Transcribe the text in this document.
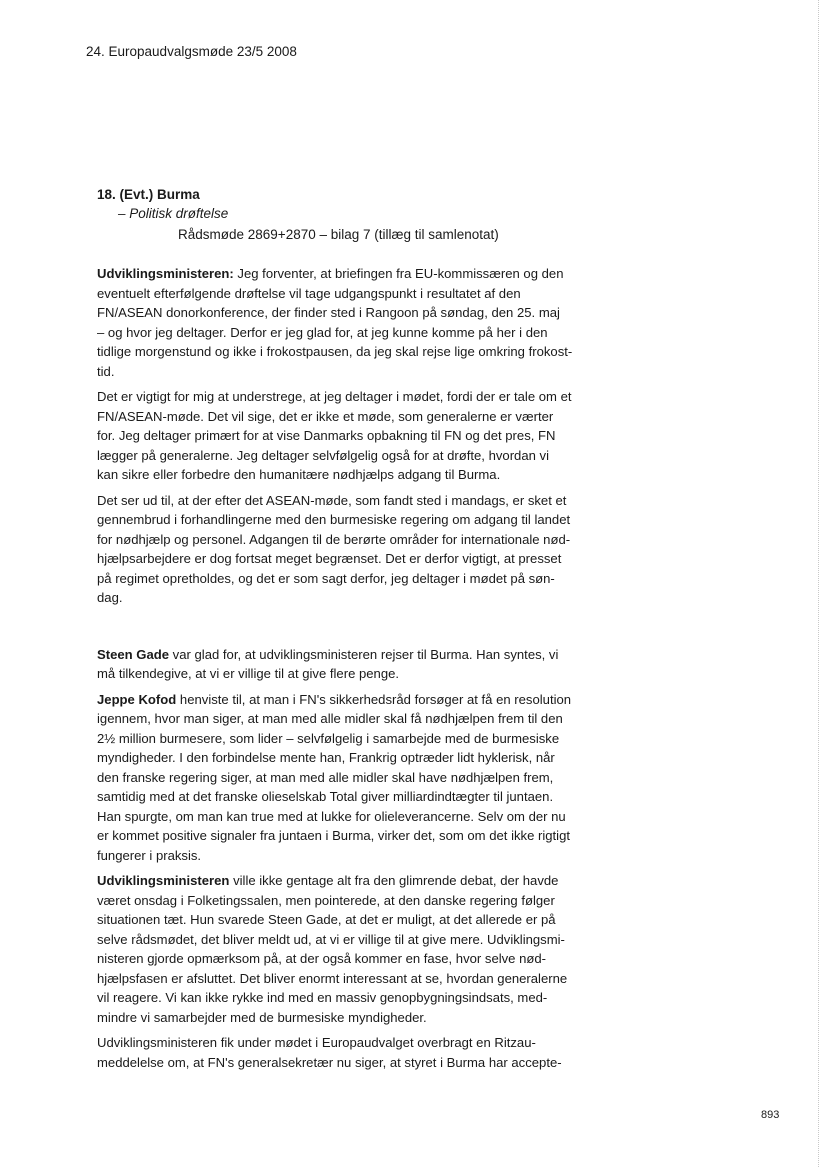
24. Europaudvalgsmøde 23/5 2008
18. (Evt.) Burma
– Politisk drøftelse
Rådsmøde 2869+2870 – bilag 7 (tillæg til samlenotat)

Udviklingsministeren: Jeg forventer, at briefingen fra EU-kommissæren og den
eventuelt efterfølgende drøftelse vil tage udgangspunkt i resultatet af den
FN/ASEAN donorkonference, der finder sted i Rangoon på søndag, den 25. maj
– og hvor jeg deltager. Derfor er jeg glad for, at jeg kunne komme på her i den
tidlige morgenstund og ikke i frokostpausen, da jeg skal rejse lige omkring frokost-
tid.

Det er vigtigt for mig at understrege, at jeg deltager i mødet, fordi der er tale om et
FN/ASEAN-møde. Det vil sige, det er ikke et møde, som generalerne er værter
for. Jeg deltager primært for at vise Danmarks opbakning til FN og det pres, FN
lægger på generalerne. Jeg deltager selvfølgelig også for at drøfte, hvordan vi
kan sikre eller forbedre den humanitære nødhjælps adgang til Burma.

Det ser ud til, at der efter det ASEAN-møde, som fandt sted i mandags, er sket et
gennembrud i forhandlingerne med den burmesiske regering om adgang til landet
for nødhjælp og personel. Adgangen til de berørte områder for internationale nød-
hjælpsarbejdere er dog fortsat meget begrænset. Det er derfor vigtigt, at presset
på regimet opretholdes, og det er som sagt derfor, jeg deltager i mødet på søn-
dag.

Steen Gade var glad for, at udviklingsministeren rejser til Burma. Han syntes, vi
må tilkendegive, at vi er villige til at give flere penge.

Jeppe Kofod henviste til, at man i FN's sikkerhedsråd forsøger at få en resolution
igennem, hvor man siger, at man med alle midler skal få nødhjælpen frem til den
2½ million burmesere, som lider – selvfølgelig i samarbejde med de burmesiske
myndigheder. I den forbindelse mente han, Frankrig optræder lidt hyklerisk, når
den franske regering siger, at man med alle midler skal have nødhjælpen frem,
samtidig med at det franske olieselskab Total giver milliardindtægter til juntaen.
Han spurgte, om man kan true med at lukke for olieleverancerne. Selv om der nu
er kommet positive signaler fra juntaen i Burma, virker det, som om det ikke rigtigt
fungerer i praksis.

Udviklingsministeren ville ikke gentage alt fra den glimrende debat, der havde
været onsdag i Folketingssalen, men pointerede, at den danske regering følger
situationen tæt. Hun svarede Steen Gade, at det er muligt, at det allerede er på
selve rådsmødet, det bliver meldt ud, at vi er villige til at give mere. Udviklingsmi-
nisteren gjorde opmærksom på, at der også kommer en fase, hvor selve nød-
hjælpsfasen er afsluttet. Det bliver enormt interessant at se, hvordan generalerne
vil reagere. Vi kan ikke rykke ind med en massiv genopbygningsindsats, med-
mindre vi samarbejder med de burmesiske myndigheder.

Udviklingsministeren fik under mødet i Europaudvalget overbragt en Ritzau-
meddelelse om, at FN's generalsekretær nu siger, at styret i Burma har accepte-

893
